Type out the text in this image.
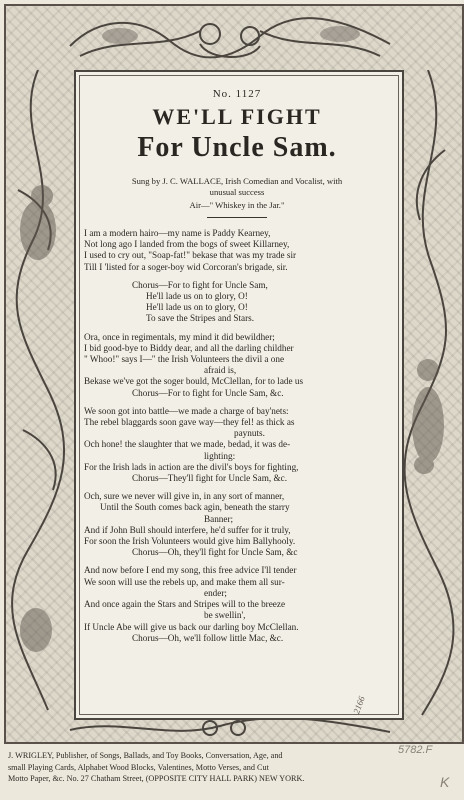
No. 1127
WE'LL FIGHT
For Uncle Sam.
Sung by J. C. WALLACE, Irish Comedian and Vocalist, with
unusual success
Air—" Whiskey in the Jar."
I am a modern hairo—my name is Paddy Kearney,
Not long ago I landed from the bogs of sweet Killarney,
I used to cry out, "Soap-fat!" bekase that was my trade sir
Till I 'listed for a soger-boy wid Corcoran's brigade, sir.
Chorus—For to fight for Uncle Sam,
He'll lade us on to glory, O!
He'll lade us on to glory, O!
To save the Stripes and Stars.
Ora, once in regimentals, my mind it did bewildher;
I bid good-bye to Biddy dear, and all the darling childher
" Whoo!" says I—" the Irish Volunteers the divil a one
afraid is,
Bekase we've got the soger bould, McClellan, for to lade us
Chorus—For to fight for Uncle Sam, &c.
We soon got into battle—we made a charge of bay'nets:
The rebel blaggards soon gave way—they fel! as thick as
paynuts.
Och hone! the slaughter that we made, bedad, it was de-
lighting:
For the Irish lads in action are the divil's boys for fighting,
Chorus—They'll fight for Uncle Sam, &c.
Och, sure we never will give in, in any sort of manner,
Until the South comes back agin, beneath the starry
Banner;
And if John Bull should interfere, he'd suffer for it truly,
For soon the Irish Volunteers would give him Ballyhooly.
Chorus—Oh, they'll fight for Uncle Sam, &c
And now before I end my song, this free advice I'll tender
We soon will use the rebels up, and make them all sur-
ender;
And once again the Stars and Stripes will to the breeze
be swellin',
If Uncle Abe will give us back our darling boy McClellan.
Chorus—Oh, we'll follow little Mac, &c.
2166
J. WRIGLEY, Publisher, of Songs, Ballads, and Toy Books, Conversation, Age, and
small Playing Cards, Alphabet Wood Blocks, Valentines, Motto Verses, and Cut
Motto Paper, &c. No. 27 Chatham Street, (OPPOSITE CITY HALL PARK) NEW YORK.
5782.F
K
